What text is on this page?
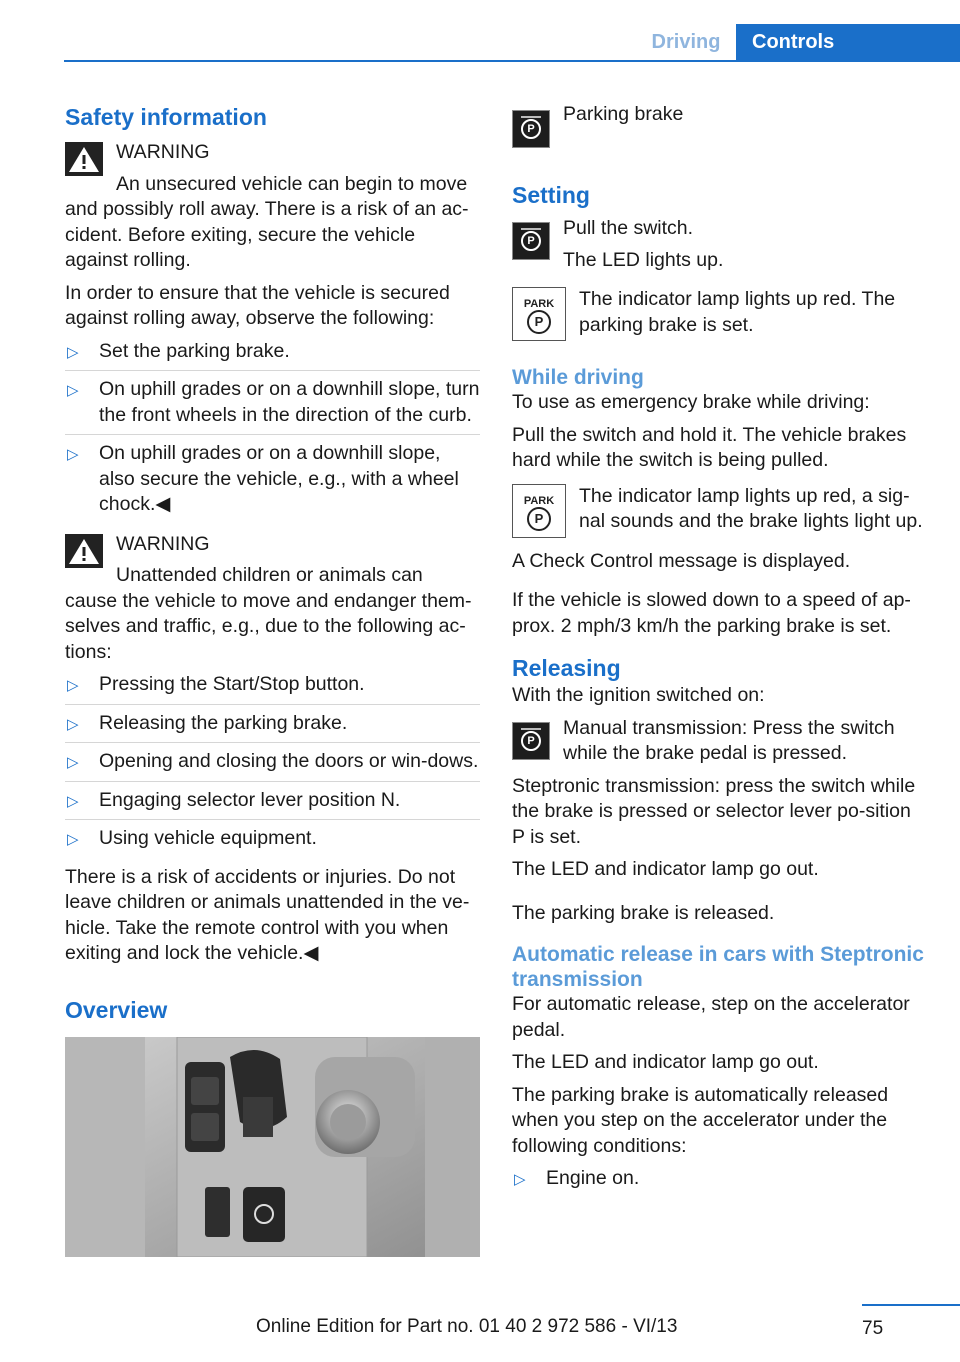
Driving	Controls
Safety information
WARNING

An unsecured vehicle can begin to move and possibly roll away. There is a risk of an ac‐cident. Before exiting, secure the vehicle against rolling.

In order to ensure that the vehicle is secured against rolling away, observe the following:

▷ Set the parking brake.
▷ On uphill grades or on a downhill slope, turn the front wheels in the direction of the curb.
▷ On uphill grades or on a downhill slope, also secure the vehicle, e.g., with a wheel chock.◀
WARNING

Unattended children or animals can cause the vehicle to move and endanger them‐selves and traffic, e.g., due to the following ac‐tions:

▷ Pressing the Start/Stop button.
▷ Releasing the parking brake.
▷ Opening and closing the doors or win‐dows.
▷ Engaging selector lever position N.
▷ Using vehicle equipment.

There is a risk of accidents or injuries. Do not leave children or animals unattended in the ve‐hicle. Take the remote control with you when exiting and lock the vehicle.◀

Overview
P
Parking brake
Setting
P
Pull the switch.
The LED lights up.
PARK
P
The indicator lamp lights up red. The parking brake is set.
While driving

To use as emergency brake while driving:

Pull the switch and hold it. The vehicle brakes hard while the switch is being pulled.

PARK
P
The indicator lamp lights up red, a sig‐nal sounds and the brake lights light up.

A Check Control message is displayed.

If the vehicle is slowed down to a speed of ap‐prox. 2 mph/3 km/h the parking brake is set.

Releasing

With the ignition switched on:

P
Manual transmission: Press the switch while the brake pedal is pressed.

Steptronic transmission: press the switch while the brake is pressed or selector lever po‐sition P is set.

The LED and indicator lamp go out.

The parking brake is released.

Automatic release in cars with Steptronic transmission

For automatic release, step on the accelerator pedal.

The LED and indicator lamp go out.

The parking brake is automatically released when you step on the accelerator under the following conditions:

▷ Engine on.
Online Edition for Part no. 01 40 2 972 586 - VI/13	75
